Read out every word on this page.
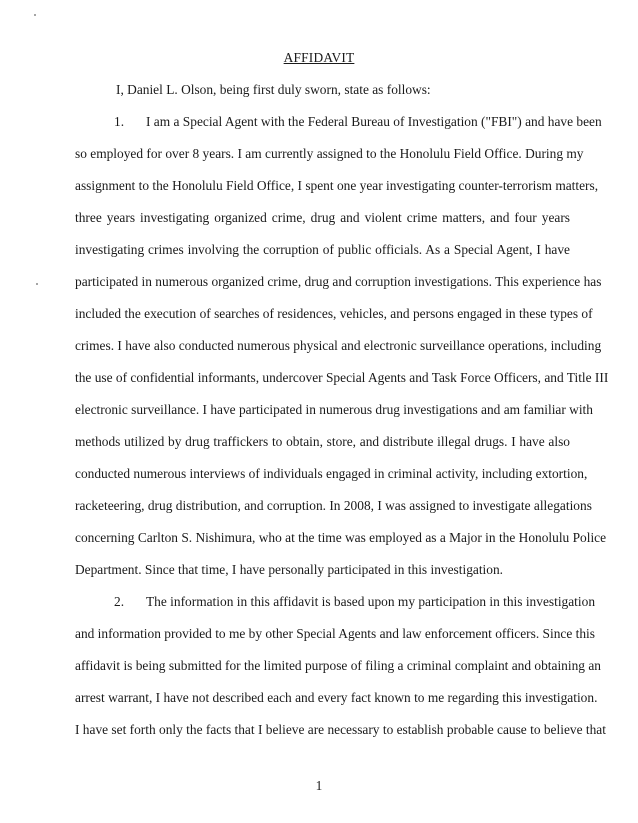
AFFIDAVIT
I, Daniel L. Olson, being first duly sworn, state as follows:
1. I am a Special Agent with the Federal Bureau of Investigation ("FBI") and have been
so employed for over 8 years. I am currently assigned to the Honolulu Field Office. During my
assignment to the Honolulu Field Office, I spent one year investigating counter-terrorism matters,
three years investigating organized crime, drug and violent crime matters, and four years
investigating crimes involving the corruption of public officials. As a Special Agent, I have
participated in numerous organized crime, drug and corruption investigations. This experience has
included the execution of searches of residences, vehicles, and persons engaged in these types of
crimes. I have also conducted numerous physical and electronic surveillance operations, including
the use of confidential informants, undercover Special Agents and Task Force Officers, and Title III
electronic surveillance. I have participated in numerous drug investigations and am familiar with
methods utilized by drug traffickers to obtain, store, and distribute illegal drugs. I have also
conducted numerous interviews of individuals engaged in criminal activity, including extortion,
racketeering, drug distribution, and corruption. In 2008, I was assigned to investigate allegations
concerning Carlton S. Nishimura, who at the time was employed as a Major in the Honolulu Police
Department. Since that time, I have personally participated in this investigation.
2. The information in this affidavit is based upon my participation in this investigation
and information provided to me by other Special Agents and law enforcement officers. Since this
affidavit is being submitted for the limited purpose of filing a criminal complaint and obtaining an
arrest warrant, I have not described each and every fact known to me regarding this investigation.
I have set forth only the facts that I believe are necessary to establish probable cause to believe that
1
